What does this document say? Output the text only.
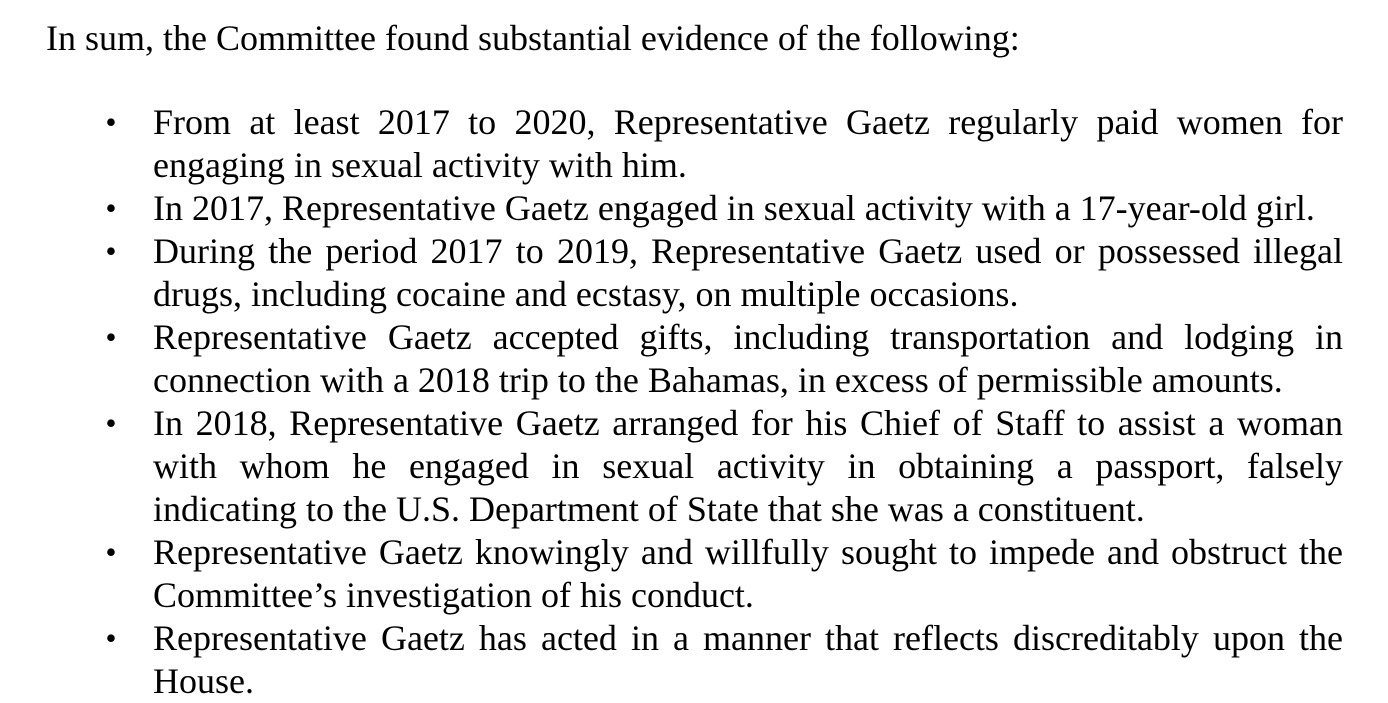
In sum, the Committee found substantial evidence of the following:

• From at least 2017 to 2020, Representative Gaetz regularly paid women for engaging in sexual activity with him.
• In 2017, Representative Gaetz engaged in sexual activity with a 17-year-old girl.
• During the period 2017 to 2019, Representative Gaetz used or possessed illegal drugs, including cocaine and ecstasy, on multiple occasions.
• Representative Gaetz accepted gifts, including transportation and lodging in connection with a 2018 trip to the Bahamas, in excess of permissible amounts.
• In 2018, Representative Gaetz arranged for his Chief of Staff to assist a woman with whom he engaged in sexual activity in obtaining a passport, falsely indicating to the U.S. Department of State that she was a constituent.
• Representative Gaetz knowingly and willfully sought to impede and obstruct the Committee’s investigation of his conduct.
• Representative Gaetz has acted in a manner that reflects discreditably upon the House.
